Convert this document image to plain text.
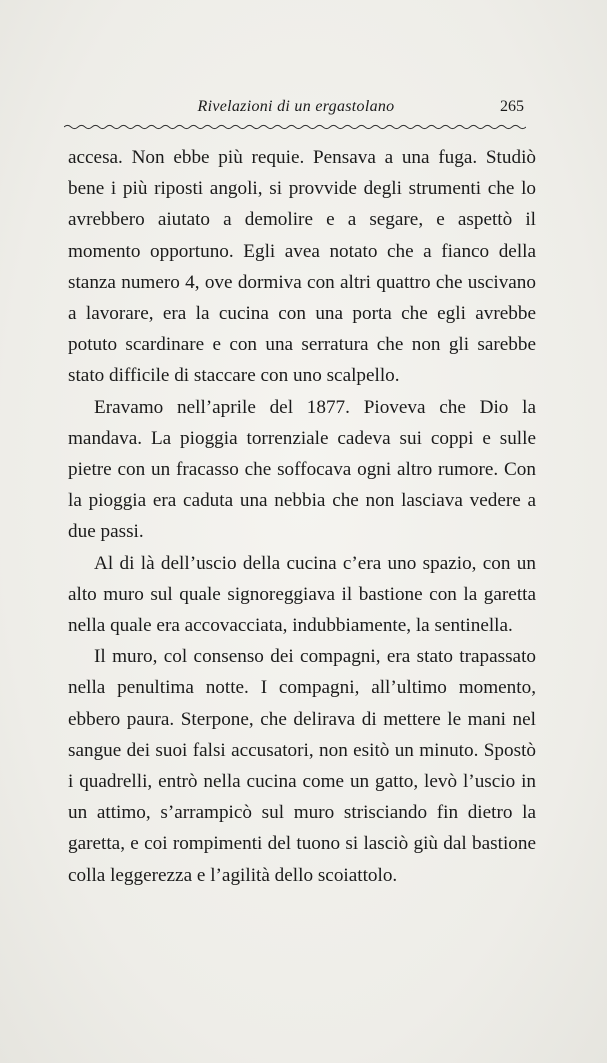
Rivelazioni di un ergastolano	265

accesa. Non ebbe più requie. Pensava a una fuga. Studiò bene i più riposti angoli, si provvide degli strumenti che lo avrebbero aiutato a demolire e a segare, e aspettò il momento opportuno. Egli avea notato che a fianco della stanza numero 4, ove dormiva con altri quattro che uscivano a lavorare, era la cucina con una porta che egli avrebbe potuto scardinare e con una serratura che non gli sarebbe stato difficile di staccare con uno scalpello.

Eravamo nell’aprile del 1877. Pioveva che Dio la mandava. La pioggia torrenziale cadeva sui coppi e sulle pietre con un fracasso che soffocava ogni altro rumore. Con la pioggia era caduta una nebbia che non lasciava vedere a due passi.

Al di là dell’uscio della cucina c’era uno spazio, con un alto muro sul quale signoreggiava il bastione con la garetta nella quale era accovacciata, indubbiamente, la sentinella.

Il muro, col consenso dei compagni, era stato trapassato nella penultima notte. I compagni, all’ultimo momento, ebbero paura. Sterpone, che delirava di mettere le mani nel sangue dei suoi falsi accusatori, non esitò un minuto. Spostò i quadrelli, entrò nella cucina come un gatto, levò l’uscio in un attimo, s’arrampicò sul muro strisciando fin dietro la garetta, e coi rompimenti del tuono si lasciò giù dal bastione colla leggerezza e l’agilità dello scoiattolo.
